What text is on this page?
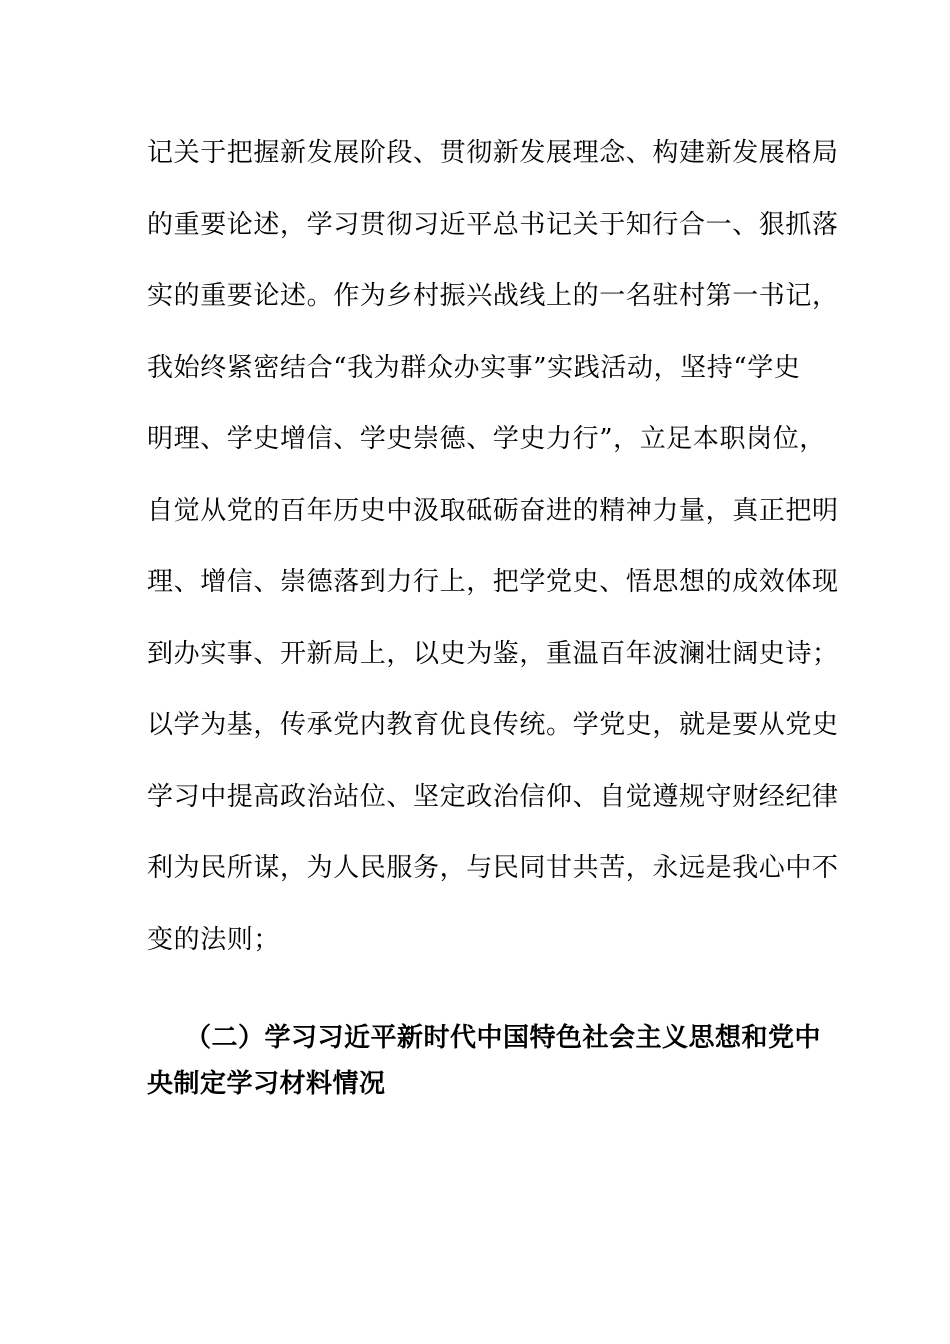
记关于把握新发展阶段、贯彻新发展理念、构建新发展格局
的重要论述，学习贯彻习近平总书记关于知行合一、狠抓落
实的重要论述。作为乡村振兴战线上的一名驻村第一书记，
我始终紧密结合“我为群众办实事”实践活动，坚持“学史
明理、学史增信、学史崇德、学史力行”，立足本职岗位，
自觉从党的百年历史中汲取砥砺奋进的精神力量，真正把明
理、增信、崇德落到力行上，把学党史、悟思想的成效体现
到办实事、开新局上，以史为鉴，重温百年波澜壮阔史诗；
以学为基，传承党内教育优良传统。学党史，就是要从党史
学习中提高政治站位、坚定政治信仰、自觉遵规守财经纪律
利为民所谋，为人民服务，与民同甘共苦，永远是我心中不
变的法则；
（二）学习习近平新时代中国特色社会主义思想和党中
央制定学习材料情况
